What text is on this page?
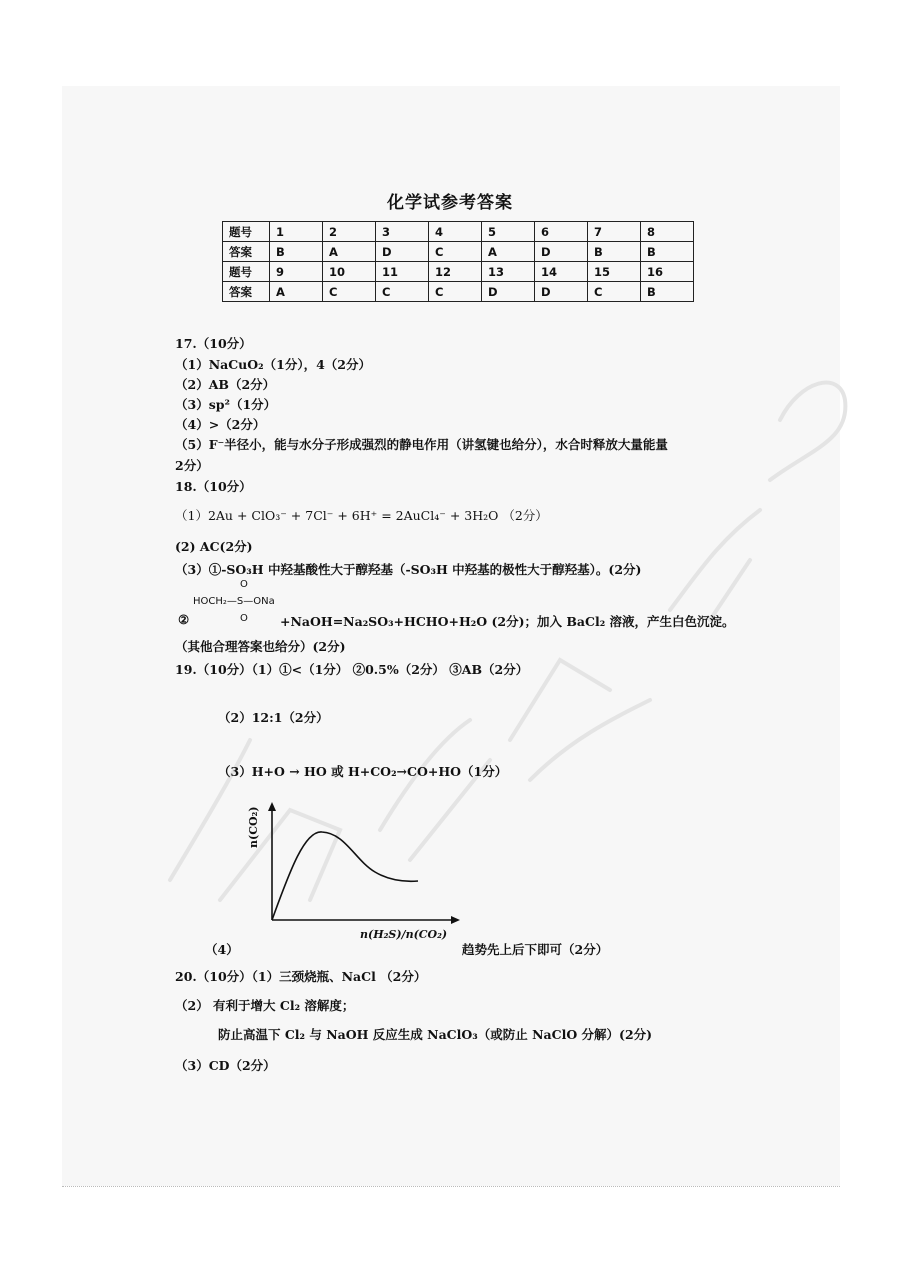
化学试参考答案
题号	1	2	3	4	5	6	7	8
答案	B	A	D	C	A	D	B	B
题号	9	10	11	12	13	14	15	16
答案	A	C	C	C	D	D	C	B
17.（10分）
（1）NaCuO₂（1分），4（2分）
（2）AB（2分）
（3）sp²（1分）
（4）>（2分）
（5）F⁻半径小，能与水分子形成强烈的静电作用（讲氢键也给分），水合时释放大量能量
2分）
18.（10分）
（1）2Au + ClO₃⁻ + 7Cl⁻ + 6H⁺ = 2AuCl₄⁻ + 3H₂O （2分）
(2) AC(2分)
（3）①-SO₃H 中羟基酸性大于醇羟基（-SO₃H 中羟基的极性大于醇羟基）。(2分)
O
HOCH₂—S—ONa
O
②	+NaOH=Na₂SO₃+HCHO+H₂O (2分)；加入 BaCl₂ 溶液，产生白色沉淀。
（其他合理答案也给分）(2分)
19.（10分）（1）①<（1分） ②0.5%（2分） ③AB（2分）
（2）12:1（2分）
（3）H+O → HO 或 H+CO₂→CO+HO（1分）
n(CO₂)
n(H₂S)/n(CO₂)
（4）	趋势先上后下即可（2分）
20.（10分）（1）三颈烧瓶、NaCl （2分）
（2） 有利于增大 Cl₂ 溶解度；
防止高温下 Cl₂ 与 NaOH 反应生成 NaClO₃（或防止 NaClO 分解）(2分)
（3）CD（2分）
